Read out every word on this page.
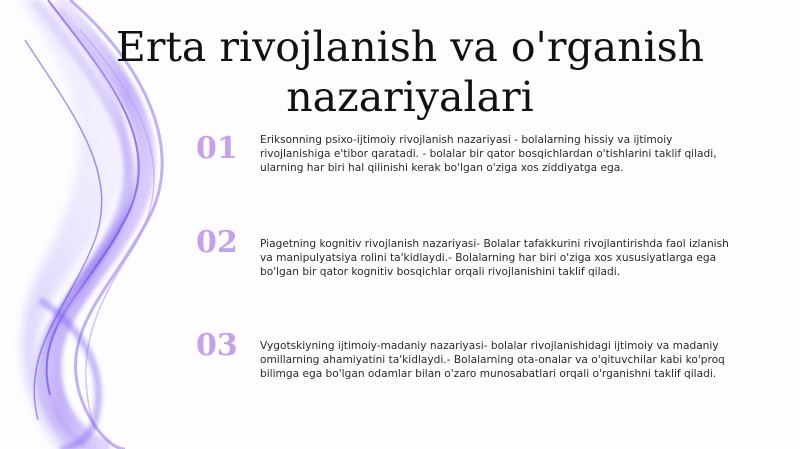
Erta rivojlanish va o'rganish nazariyalari
01	Eriksonning psixo-ijtimoiy rivojlanish nazariyasi - bolalarning hissiy va ijtimoiy rivojlanishiga e'tibor qaratadi. - bolalar bir qator bosqichlardan o'tishlarini taklif qiladi, ularning har biri hal qilinishi kerak bo'lgan o'ziga xos ziddiyatga ega.

02	Piagetning kognitiv rivojlanish nazariyasi- Bolalar tafakkurini rivojlantirishda faol izlanish va manipulyatsiya rolini ta'kidlaydi.- Bolalarning har biri o'ziga xos xususiyatlarga ega bo'lgan bir qator kognitiv bosqichlar orqali rivojlanishini taklif qiladi.

03	Vygotskiyning ijtimoiy-madaniy nazariyasi- bolalar rivojlanishidagi ijtimoiy va madaniy omillarning ahamiyatini ta'kidlaydi.- Bolalarning ota-onalar va o'qituvchilar kabi ko'proq bilimga ega bo'lgan odamlar bilan o'zaro munosabatlari orqali o'rganishni taklif qiladi.
